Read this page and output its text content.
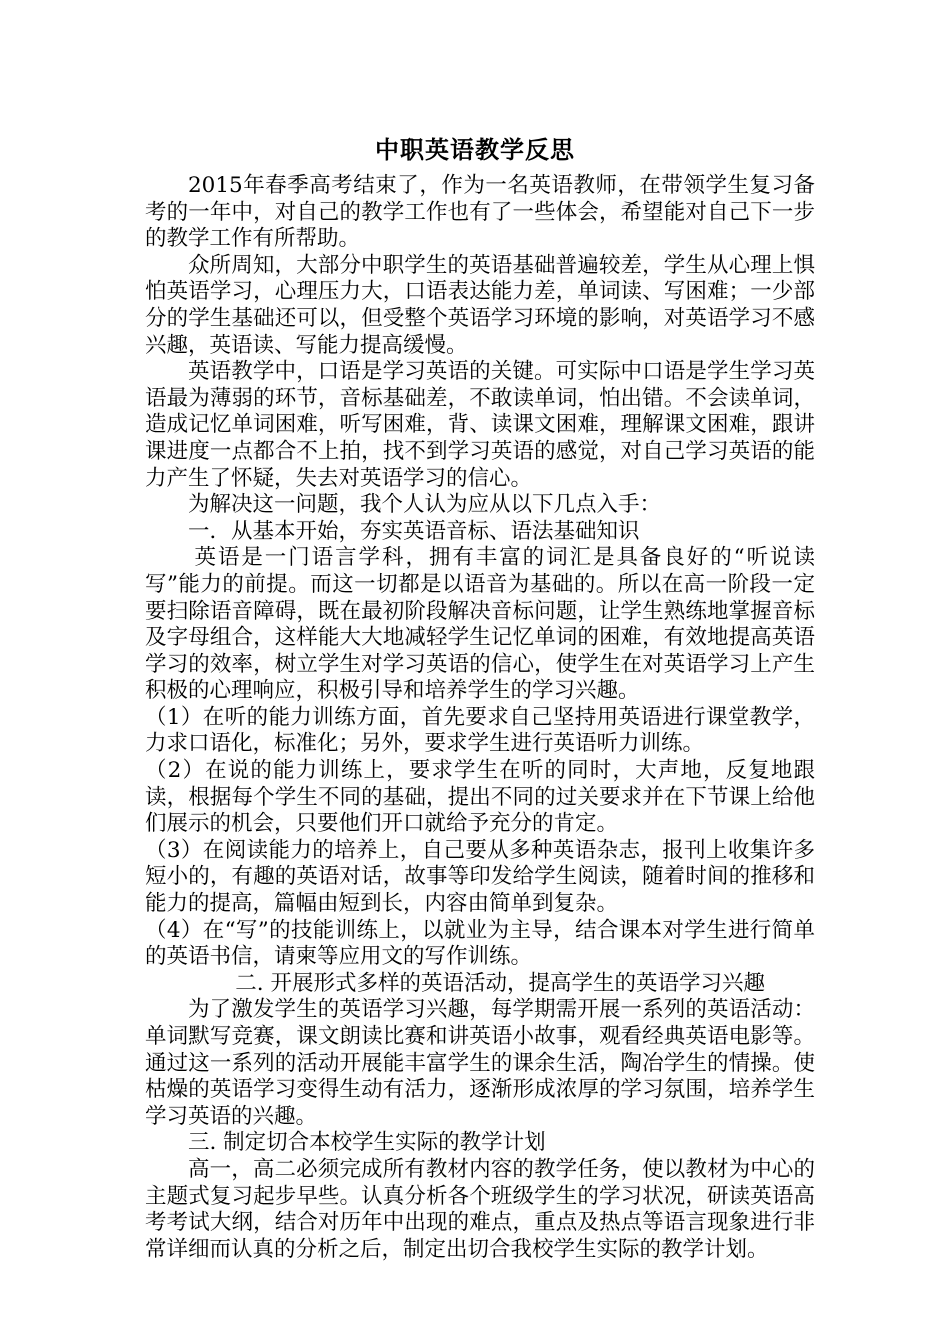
中职英语教学反思

2015年春季高考结束了，作为一名英语教师，在带领学生复习备考的一年中，对自己的教学工作也有了一些体会，希望能对自己下一步的教学工作有所帮助。

众所周知，大部分中职学生的英语基础普遍较差，学生从心理上惧怕英语学习，心理压力大，口语表达能力差，单词读、写困难；一少部分的学生基础还可以，但受整个英语学习环境的影响，对英语学习不感兴趣，英语读、写能力提高缓慢。

英语教学中，口语是学习英语的关键。可实际中口语是学生学习英语最为薄弱的环节，音标基础差，不敢读单词，怕出错。不会读单词，造成记忆单词困难，听写困难，背、读课文困难，理解课文困难，跟讲课进度一点都合不上拍，找不到学习英语的感觉，对自己学习英语的能力产生了怀疑，失去对英语学习的信心。

为解决这一问题，我个人认为应从以下几点入手：

一．从基本开始，夯实英语音标、语法基础知识

英语是一门语言学科，拥有丰富的词汇是具备良好的“听说读写”能力的前提。而这一切都是以语音为基础的。所以在高一阶段一定要扫除语音障碍，既在最初阶段解决音标问题，让学生熟练地掌握音标及字母组合，这样能大大地减轻学生记忆单词的困难，有效地提高英语学习的效率，树立学生对学习英语的信心，使学生在对英语学习上产生积极的心理响应，积极引导和培养学生的学习兴趣。

（1）在听的能力训练方面，首先要求自己坚持用英语进行课堂教学，力求口语化，标准化；另外，要求学生进行英语听力训练。

（2）在说的能力训练上，要求学生在听的同时，大声地，反复地跟读，根据每个学生不同的基础，提出不同的过关要求并在下节课上给他们展示的机会，只要他们开口就给予充分的肯定。

（3）在阅读能力的培养上，自己要从多种英语杂志，报刊上收集许多短小的，有趣的英语对话，故事等印发给学生阅读，随着时间的推移和能力的提高，篇幅由短到长，内容由简单到复杂。

（4）在“写”的技能训练上，以就业为主导，结合课本对学生进行简单的英语书信，请柬等应用文的写作训练。

二. 开展形式多样的英语活动，提高学生的英语学习兴趣

为了激发学生的英语学习兴趣，每学期需开展一系列的英语活动：单词默写竞赛，课文朗读比赛和讲英语小故事，观看经典英语电影等。通过这一系列的活动开展能丰富学生的课余生活，陶冶学生的情操。使枯燥的英语学习变得生动有活力，逐渐形成浓厚的学习氛围，培养学生学习英语的兴趣。

三. 制定切合本校学生实际的教学计划

高一，高二必须完成所有教材内容的教学任务，使以教材为中心的主题式复习起步早些。认真分析各个班级学生的学习状况，研读英语高考考试大纲，结合对历年中出现的难点，重点及热点等语言现象进行非常详细而认真的分析之后，制定出切合我校学生实际的教学计划。
